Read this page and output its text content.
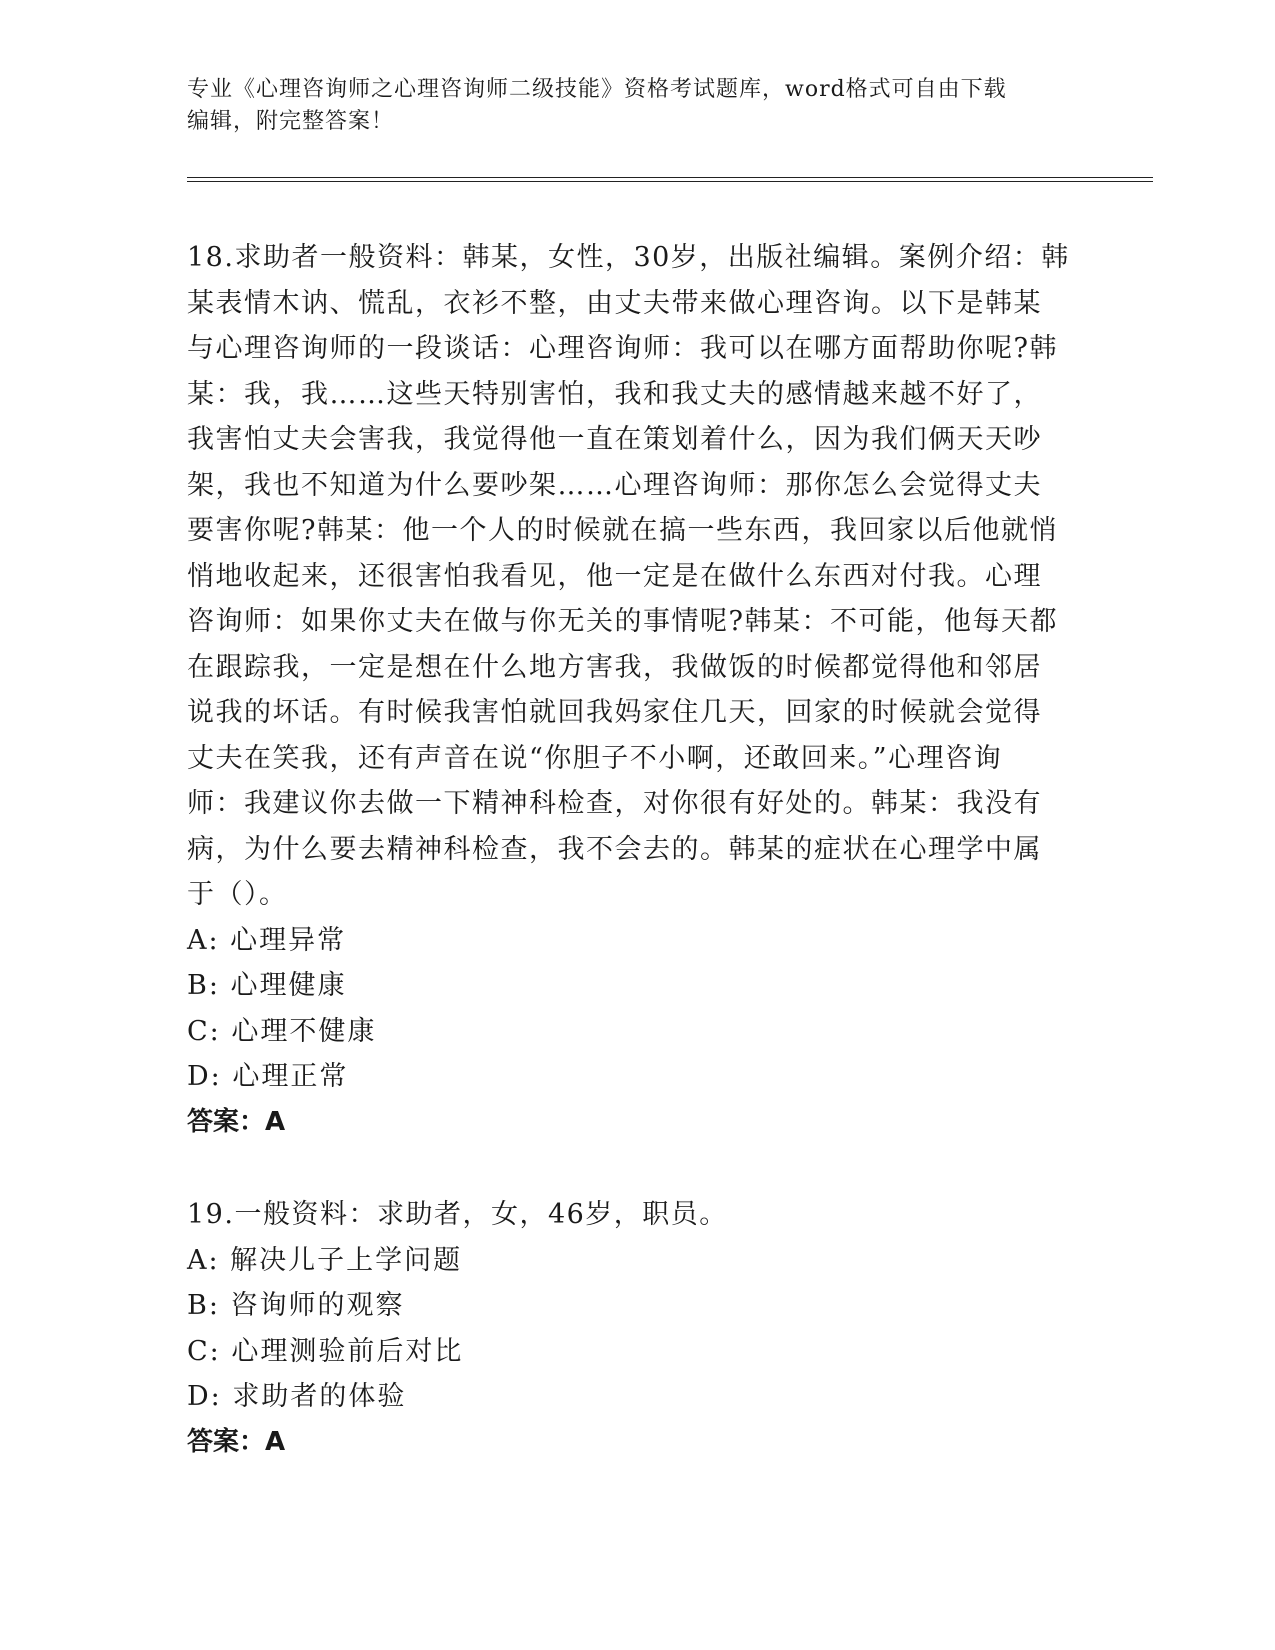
专业《心理咨询师之心理咨询师二级技能》资格考试题库，word格式可自由下载
编辑，附完整答案！
18.求助者一般资料：韩某，女性，30岁，出版社编辑。案例介绍：韩
某表情木讷、慌乱，衣衫不整，由丈夫带来做心理咨询。以下是韩某
与心理咨询师的一段谈话：心理咨询师：我可以在哪方面帮助你呢?韩
某：我，我……这些天特别害怕，我和我丈夫的感情越来越不好了，
我害怕丈夫会害我，我觉得他一直在策划着什么，因为我们俩天天吵
架，我也不知道为什么要吵架……心理咨询师：那你怎么会觉得丈夫
要害你呢?韩某：他一个人的时候就在搞一些东西，我回家以后他就悄
悄地收起来，还很害怕我看见，他一定是在做什么东西对付我。心理
咨询师：如果你丈夫在做与你无关的事情呢?韩某：不可能，他每天都
在跟踪我，一定是想在什么地方害我，我做饭的时候都觉得他和邻居
说我的坏话。有时候我害怕就回我妈家住几天，回家的时候就会觉得
丈夫在笑我，还有声音在说“你胆子不小啊，还敢回来。”心理咨询
师：我建议你去做一下精神科检查，对你很有好处的。韩某：我没有
病，为什么要去精神科检查，我不会去的。韩某的症状在心理学中属
于（）。
A: 心理异常
B: 心理健康
C: 心理不健康
D: 心理正常
答案：A
19.一般资料：求助者，女，46岁，职员。
A: 解决儿子上学问题
B: 咨询师的观察
C: 心理测验前后对比
D: 求助者的体验
答案：A
